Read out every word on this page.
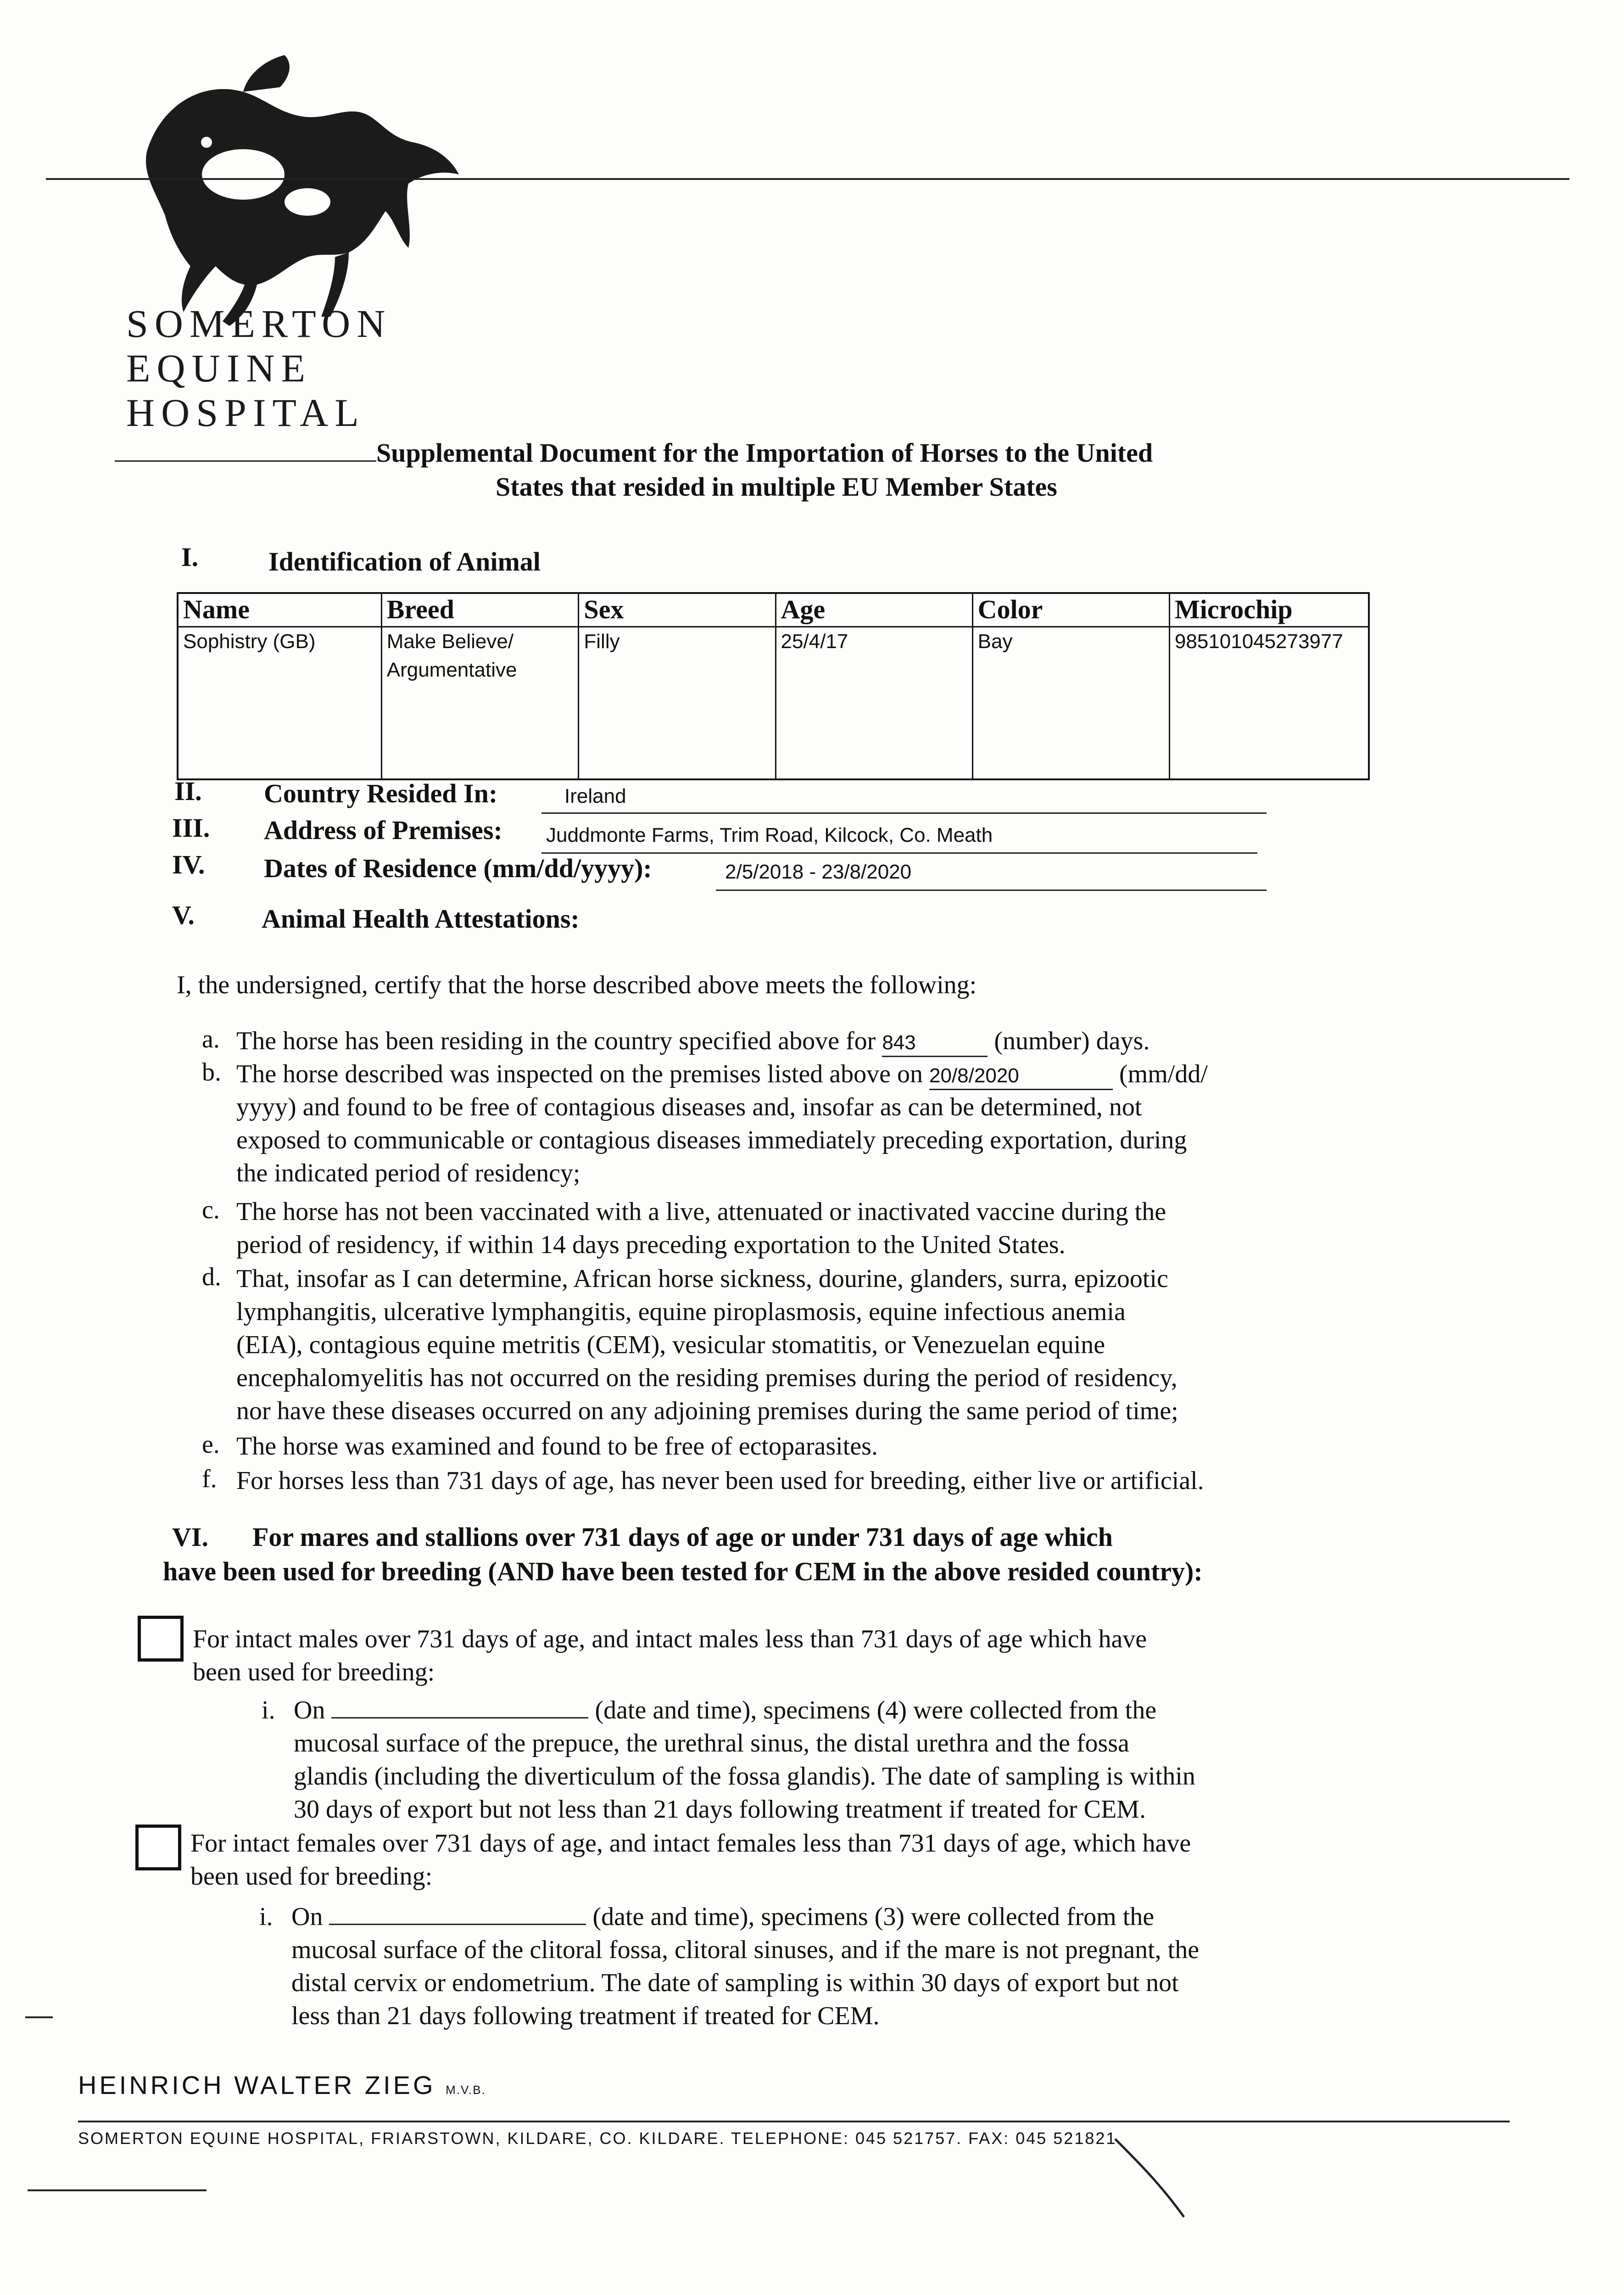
SOMERTON
EQUINE
HOSPITAL
Supplemental Document for the Importation of Horses to the United
States that resided in multiple EU Member States
I.	Identification of Animal
Name	Breed	Sex	Age	Color	Microchip
Sophistry (GB)	Make Believe/ Argumentative	Filly	25/4/17	Bay	985101045273977
II. Country Resided In:	Ireland
III. Address of Premises: Juddmonte Farms, Trim Road, Kilcock, Co. Meath
IV. Dates of Residence (mm/dd/yyyy):	2/5/2018 - 23/8/2020
V.	Animal Health Attestations:
I, the undersigned, certify that the horse described above meets the following:
a. The horse has been residing in the country specified above for 843	(number) days.
b. The horse described was inspected on the premises listed above on 20/8/2020	(mm/dd/
yyyy) and found to be free of contagious diseases and, insofar as can be determined, not
exposed to communicable or contagious diseases immediately preceding exportation, during
the indicated period of residency;
c. The horse has not been vaccinated with a live, attenuated or inactivated vaccine during the
period of residency, if within 14 days preceding exportation to the United States.
d. That, insofar as I can determine, African horse sickness, dourine, glanders, surra, epizootic
lymphangitis, ulcerative lymphangitis, equine piroplasmosis, equine infectious anemia
(EIA), contagious equine metritis (CEM), vesicular stomatitis, or Venezuelan equine
encephalomyelitis has not occurred on the residing premises during the period of residency,
nor have these diseases occurred on any adjoining premises during the same period of time;
e. The horse was examined and found to be free of ectoparasites.
f. For horses less than 731 days of age, has never been used for breeding, either live or artificial.
VI. For mares and stallions over 731 days of age or under 731 days of age which
have been used for breeding (AND have been tested for CEM in the above resided country):
For intact males over 731 days of age, and intact males less than 731 days of age which have
been used for breeding:
i. On	(date and time), specimens (4) were collected from the
mucosal surface of the prepuce, the urethral sinus, the distal urethra and the fossa
glandis (including the diverticulum of the fossa glandis). The date of sampling is within
30 days of export but not less than 21 days following treatment if treated for CEM.
For intact females over 731 days of age, and intact females less than 731 days of age, which have
been used for breeding:
i. On	(date and time), specimens (3) were collected from the
mucosal surface of the clitoral fossa, clitoral sinuses, and if the mare is not pregnant, the
distal cervix or endometrium. The date of sampling is within 30 days of export but not
less than 21 days following treatment if treated for CEM.
HEINRICH WALTER ZIEG M.V.B.
SOMERTON EQUINE HOSPITAL, FRIARSTOWN, KILDARE, CO. KILDARE. TELEPHONE: 045 521757. FAX: 045 521821.
